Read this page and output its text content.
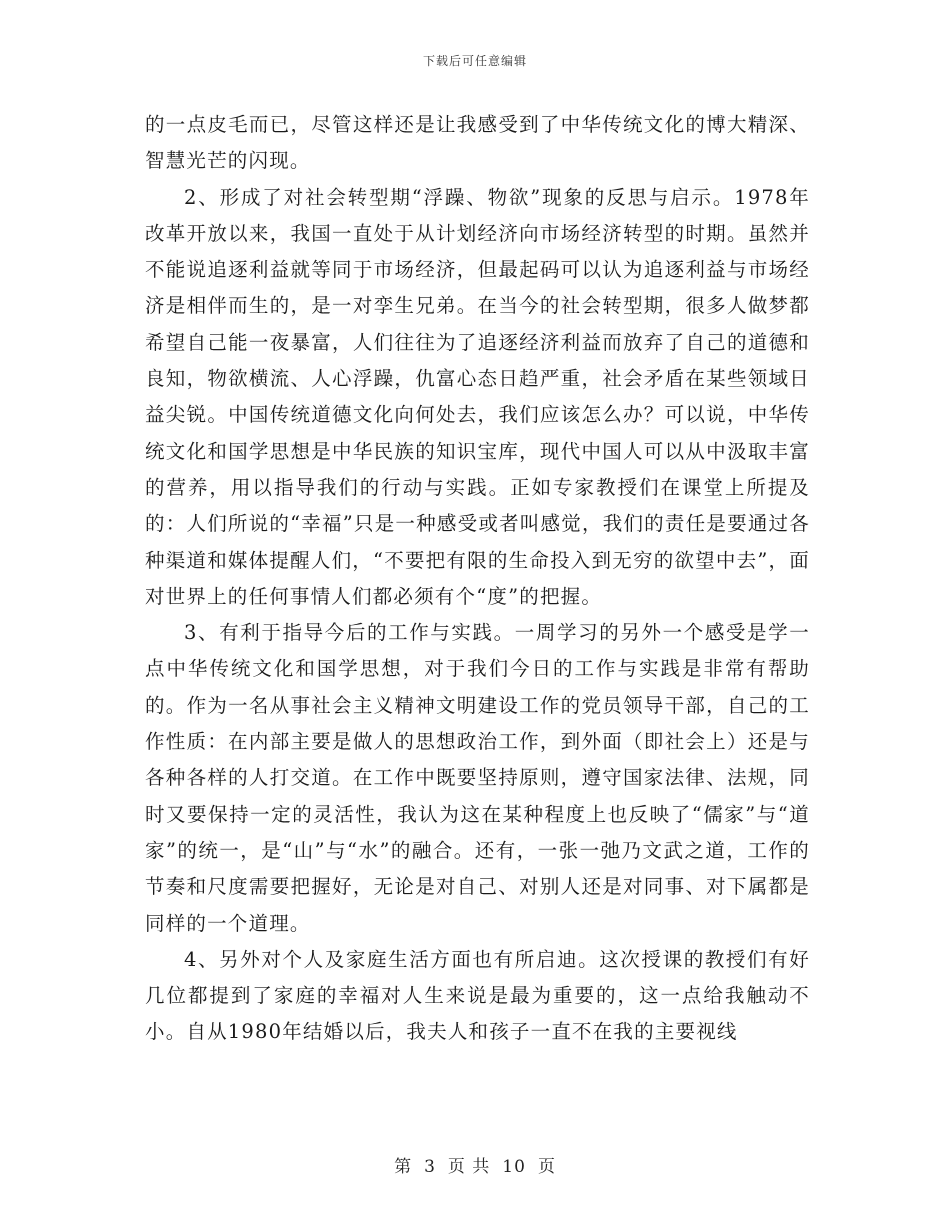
下载后可任意编辑

的一点皮毛而已，尽管这样还是让我感受到了中华传统文化的博大精深、智慧光芒的闪现。

2、形成了对社会转型期“浮躁、物欲”现象的反思与启示。1978年改革开放以来，我国一直处于从计划经济向市场经济转型的时期。虽然并不能说追逐利益就等同于市场经济，但最起码可以认为追逐利益与市场经济是相伴而生的，是一对孪生兄弟。在当今的社会转型期，很多人做梦都希望自己能一夜暴富，人们往往为了追逐经济利益而放弃了自己的道德和良知，物欲横流、人心浮躁，仇富心态日趋严重，社会矛盾在某些领域日益尖锐。中国传统道德文化向何处去，我们应该怎么办？可以说，中华传统文化和国学思想是中华民族的知识宝库，现代中国人可以从中汲取丰富的营养，用以指导我们的行动与实践。正如专家教授们在课堂上所提及的：人们所说的“幸福”只是一种感受或者叫感觉，我们的责任是要通过各种渠道和媒体提醒人们，“不要把有限的生命投入到无穷的欲望中去”，面对世界上的任何事情人们都必须有个“度”的把握。

3、有利于指导今后的工作与实践。一周学习的另外一个感受是学一点中华传统文化和国学思想，对于我们今日的工作与实践是非常有帮助的。作为一名从事社会主义精神文明建设工作的党员领导干部，自己的工作性质：在内部主要是做人的思想政治工作，到外面（即社会上）还是与各种各样的人打交道。在工作中既要坚持原则，遵守国家法律、法规，同时又要保持一定的灵活性，我认为这在某种程度上也反映了“儒家”与“道家”的统一，是“山”与“水”的融合。还有，一张一弛乃文武之道，工作的节奏和尺度需要把握好，无论是对自己、对别人还是对同事、对下属都是同样的一个道理。

4、另外对个人及家庭生活方面也有所启迪。这次授课的教授们有好几位都提到了家庭的幸福对人生来说是最为重要的，这一点给我触动不小。自从1980年结婚以后，我夫人和孩子一直不在我的主要视线

第 3 页 共 10 页
